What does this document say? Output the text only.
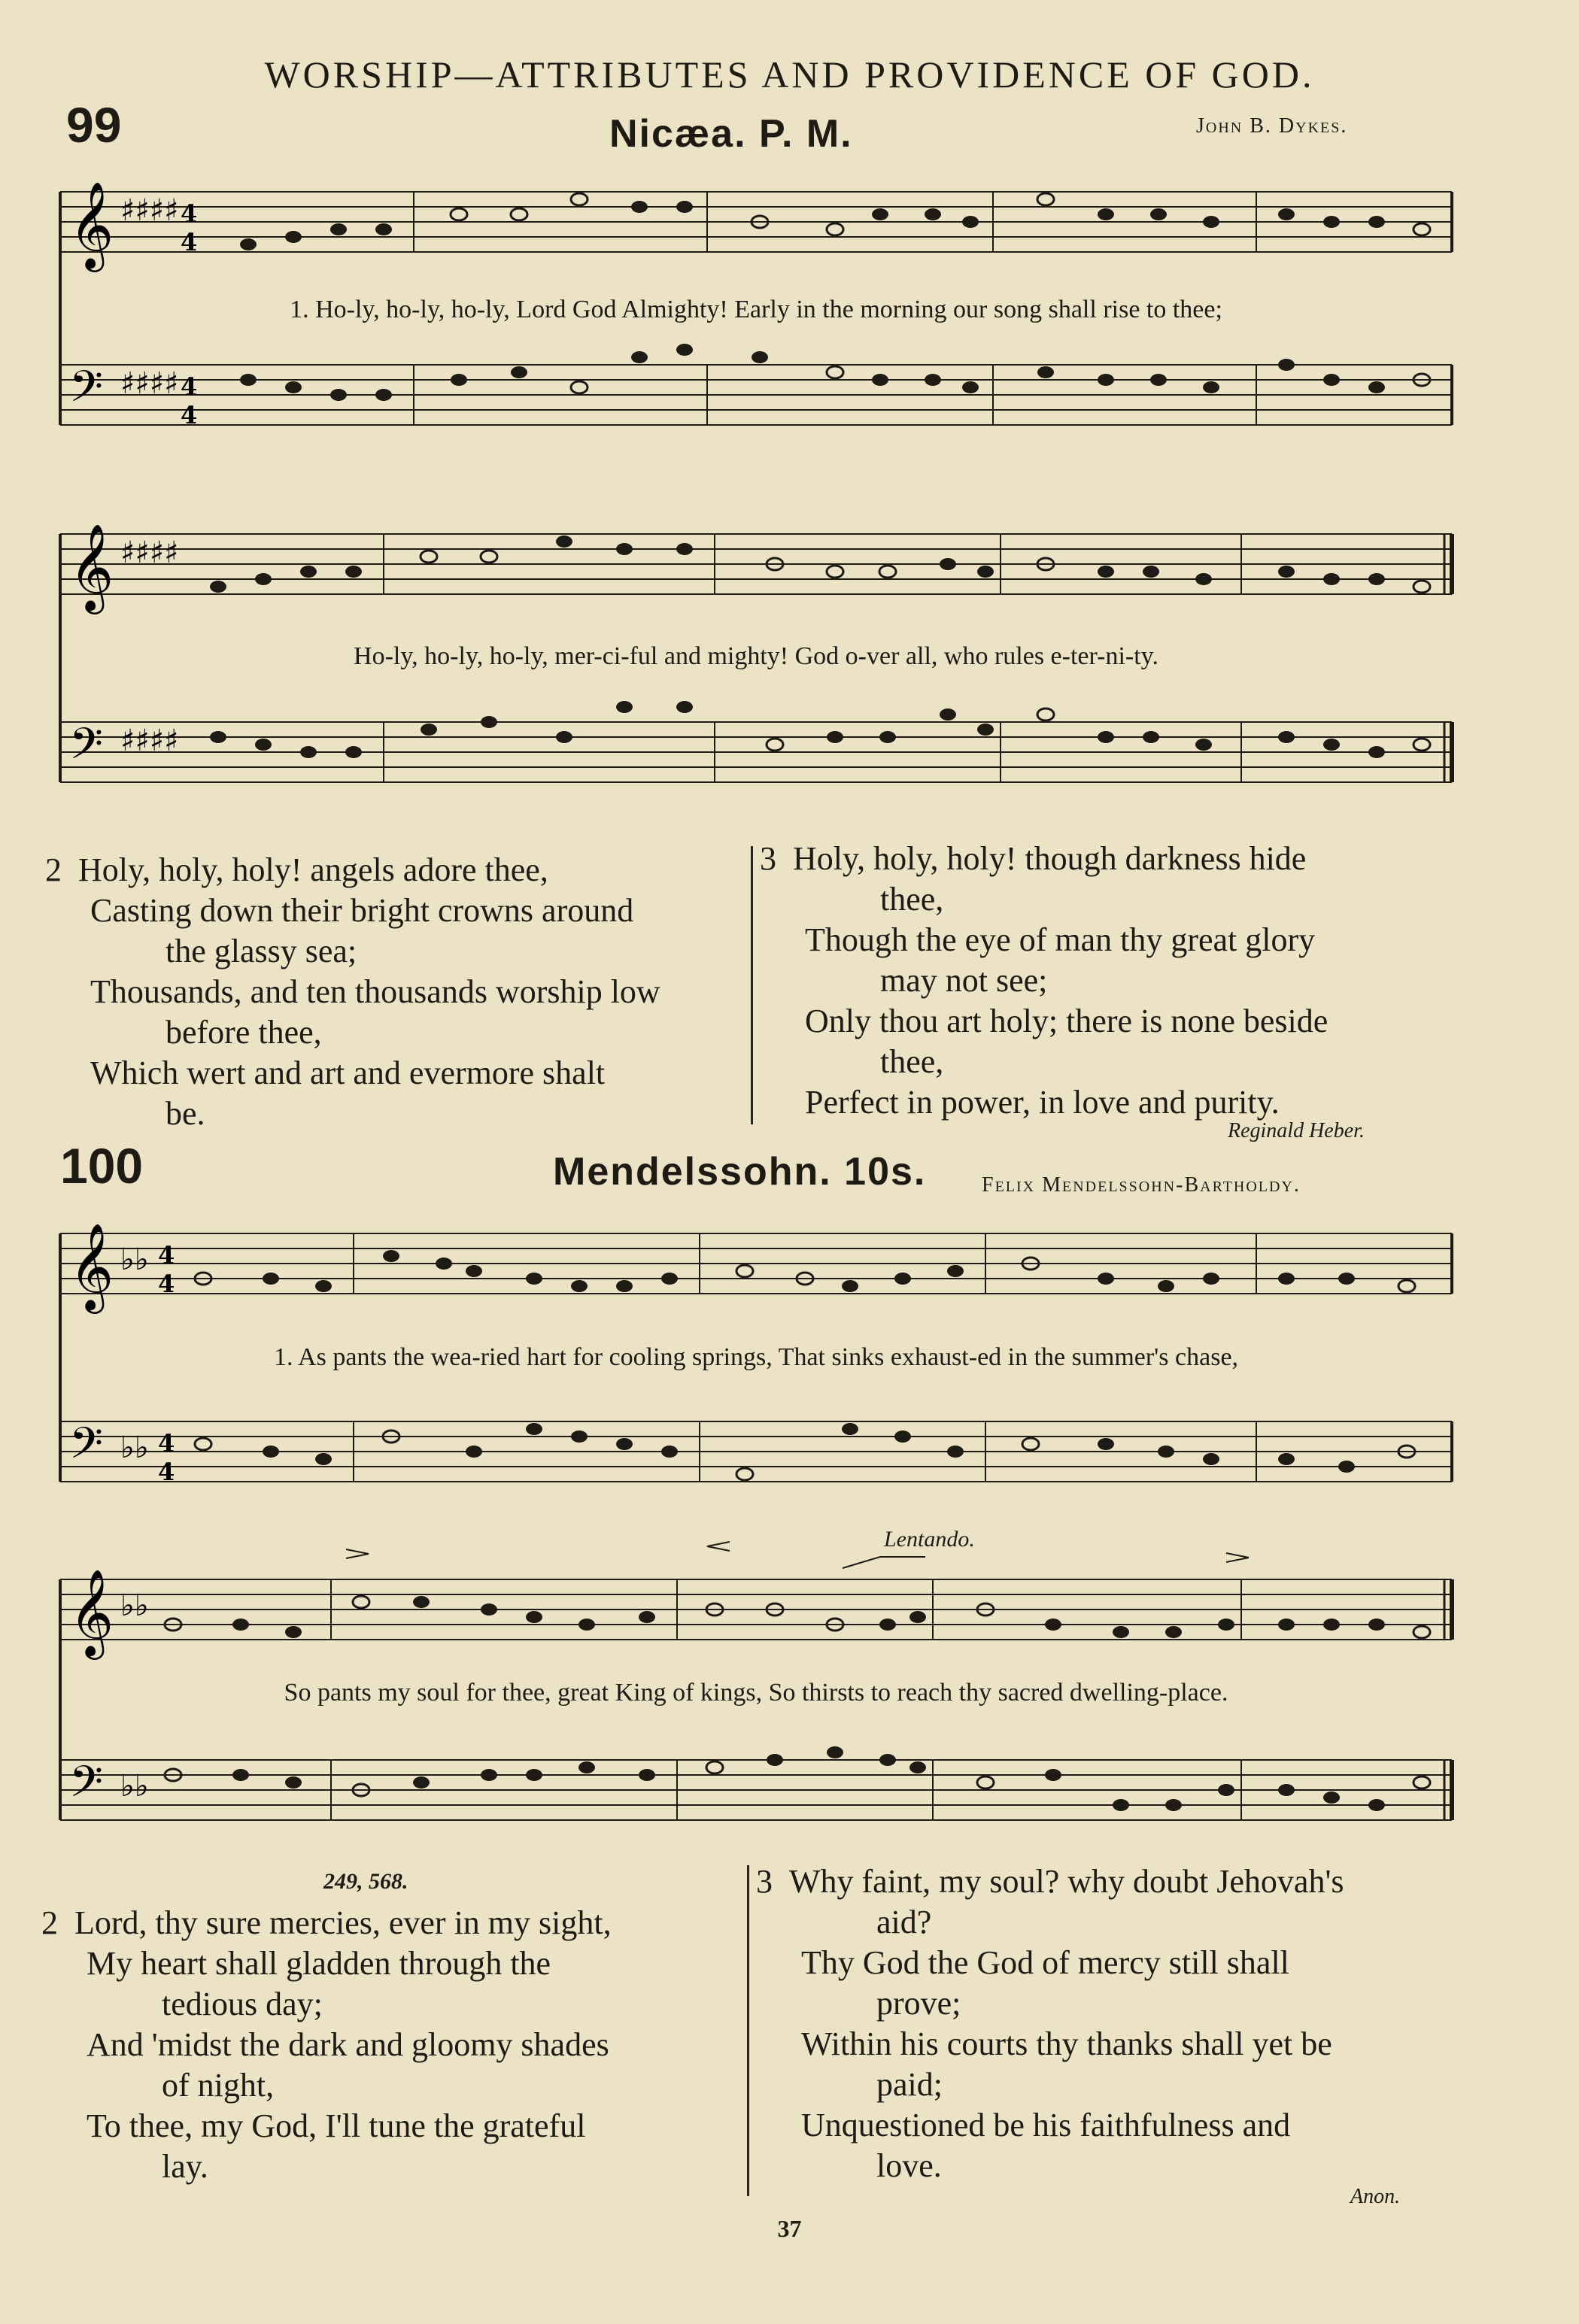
WORSHIP—ATTRIBUTES AND PROVIDENCE OF GOD.
99	Nicæa. P. M.	John B. Dykes.
𝄞
𝄢
♯♯♯♯
♯♯♯♯
4
4
4
4
1. Ho-ly, ho-ly, ho-ly, Lord God Almighty! Early in the morning our song shall rise to thee;
𝄞
𝄢
♯♯♯♯
♯♯♯♯
Ho-ly, ho-ly, ho-ly, mer-ci-ful and mighty! God o-ver all, who rules e-ter-ni-ty.
2 Holy, holy, holy! angels adore thee,
Casting down their bright crowns around
the glassy sea;
Thousands, and ten thousands worship low
before thee,
Which wert and art and evermore shalt
be.
3 Holy, holy, holy! though darkness hide
thee,
Though the eye of man thy great glory
may not see;
Only thou art holy; there is none beside
thee,
Perfect in power, in love and purity.
Reginald Heber.
100	Mendelssohn. 10s.	Felix Mendelssohn-Bartholdy.
𝄞
𝄢
♭♭
♭♭
4
4
4
4
1. As pants the wea-ried hart for cooling springs, That sinks exhaust-ed in the summer's chase,
Lentando.
𝄞
𝄢
♭♭
♭♭
So pants my soul for thee, great King of kings, So thirsts to reach thy sacred dwelling-place.
249, 568.
2 Lord, thy sure mercies, ever in my sight,
My heart shall gladden through the
tedious day;
And 'midst the dark and gloomy shades
of night,
To thee, my God, I'll tune the grateful
lay.
3 Why faint, my soul? why doubt Jehovah's
aid?
Thy God the God of mercy still shall
prove;
Within his courts thy thanks shall yet be
paid;
Unquestioned be his faithfulness and
love.
Anon.
37
